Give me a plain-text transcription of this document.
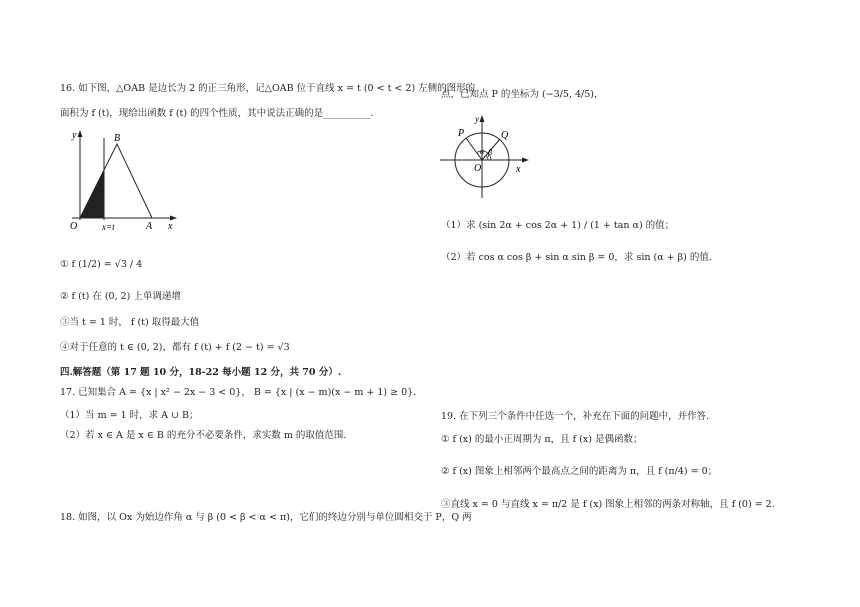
16. 如下图，△OAB 是边长为 2 的正三角形，记△OAB 位于直线 x = t (0 < t < 2) 左侧的图形的
面积为 f (t)，现给出函数 f (t) 的四个性质，其中说法正确的是__________.
y	B
O	x=t	A x
① f (1/2) = √3 / 4
② f (t) 在 (0, 2) 上单调递增
③当 t = 1 时， f (t) 取得最大值
④对于任意的 t ∈ (0, 2)，都有 f (t) + f (2 − t) = √3
四.解答题（第 17 题 10 分，18-22 每小题 12 分，共 70 分）.
17. 已知集合 A = {x | x² − 2x − 3 < 0}， B = {x | (x − m)(x − m + 1) ≥ 0}.
（1）当 m = 1 时，求 A ∪ B；
（2）若 x ∈ A 是 x ∈ B 的充分不必要条件，求实数 m 的取值范围.
18. 如图，以 Ox 为始边作角 α 与 β (0 < β < α < π)，它们的终边分别与单位圆相交于 P，Q 两
点，已知点 P 的坐标为 (−3/5, 4/5)，
y
P	Q
α β
O	x
（1）求 (sin 2α + cos 2α + 1) / (1 + tan α) 的值；
（2）若 cos α cos β + sin α sin β = 0，求 sin (α + β) 的值.
19. 在下列三个条件中任选一个，补充在下面的问题中，并作答.
① f (x) 的最小正周期为 π，且 f (x) 是偶函数；
② f (x) 图象上相邻两个最高点之间的距离为 π，且 f (π/4) = 0；
③直线 x = 0 与直线 x = π/2 是 f (x) 图象上相邻的两条对称轴，且 f (0) = 2.
